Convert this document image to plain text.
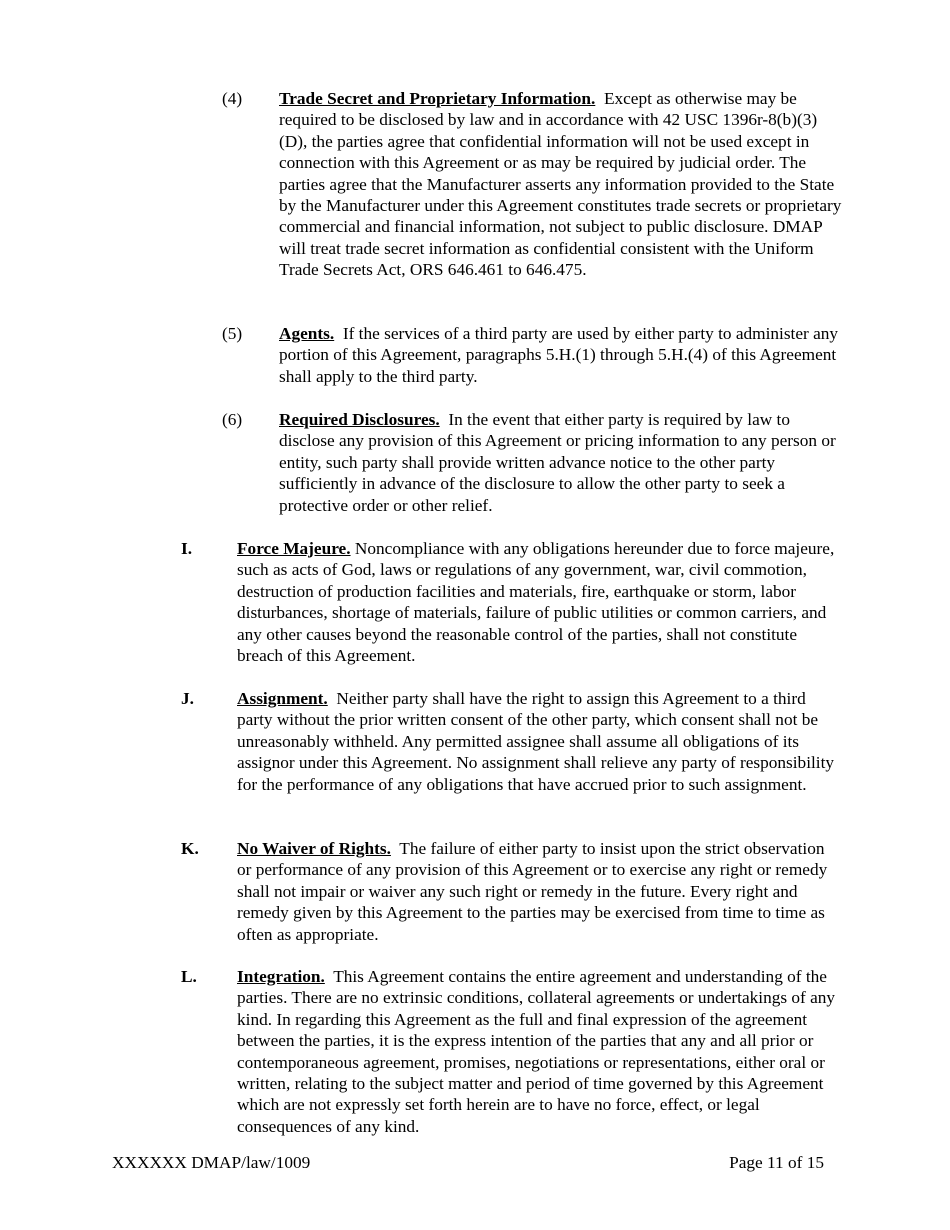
(4) Trade Secret and Proprietary Information. Except as otherwise may be required to be disclosed by law and in accordance with 42 USC 1396r-8(b)(3)(D), the parties agree that confidential information will not be used except in connection with this Agreement or as may be required by judicial order. The parties agree that the Manufacturer asserts any information provided to the State by the Manufacturer under this Agreement constitutes trade secrets or proprietary commercial and financial information, not subject to public disclosure. DMAP will treat trade secret information as confidential consistent with the Uniform Trade Secrets Act, ORS 646.461 to 646.475.
(5) Agents. If the services of a third party are used by either party to administer any portion of this Agreement, paragraphs 5.H.(1) through 5.H.(4) of this Agreement shall apply to the third party.
(6) Required Disclosures. In the event that either party is required by law to disclose any provision of this Agreement or pricing information to any person or entity, such party shall provide written advance notice to the other party sufficiently in advance of the disclosure to allow the other party to seek a protective order or other relief.
I.	Force Majeure. Noncompliance with any obligations hereunder due to force majeure, such as acts of God, laws or regulations of any government, war, civil commotion, destruction of production facilities and materials, fire, earthquake or storm, labor disturbances, shortage of materials, failure of public utilities or common carriers, and any other causes beyond the reasonable control of the parties, shall not constitute breach of this Agreement.
J. Assignment. Neither party shall have the right to assign this Agreement to a third party without the prior written consent of the other party, which consent shall not be unreasonably withheld. Any permitted assignee shall assume all obligations of its assignor under this Agreement. No assignment shall relieve any party of responsibility for the performance of any obligations that have accrued prior to such assignment.
K. No Waiver of Rights. The failure of either party to insist upon the strict observation or performance of any provision of this Agreement or to exercise any right or remedy shall not impair or waiver any such right or remedy in the future. Every right and remedy given by this Agreement to the parties may be exercised from time to time as often as appropriate.
L. Integration. This Agreement contains the entire agreement and understanding of the parties. There are no extrinsic conditions, collateral agreements or undertakings of any kind. In regarding this Agreement as the full and final expression of the agreement between the parties, it is the express intention of the parties that any and all prior or contemporaneous agreement, promises, negotiations or representations, either oral or written, relating to the subject matter and period of time governed by this Agreement which are not expressly set forth herein are to have no force, effect, or legal consequences of any kind.
XXXXXX DMAP/law/1009	Page 11 of 15
